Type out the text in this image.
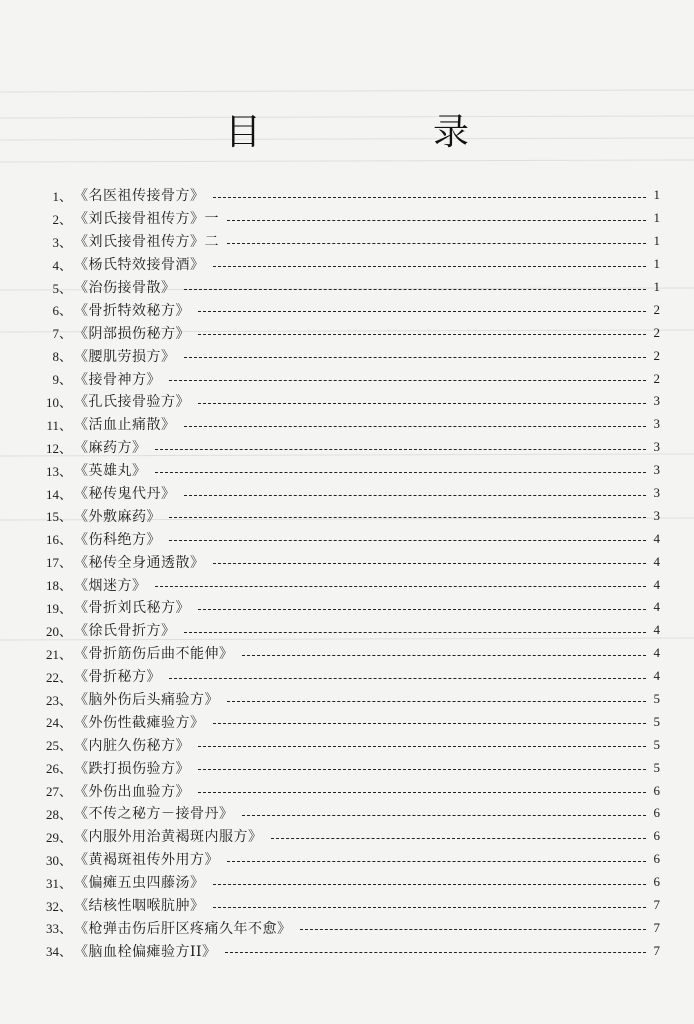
目　录
1、 《名医祖传接骨方》	1
2、 《刘氏接骨祖传方》一	1
3、 《刘氏接骨祖传方》二	1
4、 《杨氏特效接骨酒》	1
5、 《治伤接骨散》	1
6、 《骨折特效秘方》	2
7、 《阴部损伤秘方》	2
8、 《腰肌劳损方》	2
9、 《接骨神方》	2
10、 《孔氏接骨验方》	3
11、 《活血止痛散》	3
12、 《麻药方》	3
13、 《英雄丸》	3
14、 《秘传鬼代丹》	3
15、 《外敷麻药》	3
16、 《伤科绝方》	4
17、 《秘传全身通透散》	4
18、 《烟迷方》	4
19、 《骨折刘氏秘方》	4
20、 《徐氏骨折方》	4
21、 《骨折筋伤后曲不能伸》	4
22、 《骨折秘方》	4
23、 《脑外伤后头痛验方》	5
24、 《外伤性截瘫验方》	5
25、 《内脏久伤秘方》	5
26、 《跌打损伤验方》	5
27、 《外伤出血验方》	6
28、 《不传之秘方－接骨丹》	6
29、 《内服外用治黄褐斑内服方》	6
30、 《黄褐斑祖传外用方》	6
31、 《偏瘫五虫四藤汤》	6
32、 《结核性咽喉肮肿》	7
33、 《枪弹击伤后肝区疼痛久年不愈》	7
34、 《脑血栓偏瘫验方II》	7
